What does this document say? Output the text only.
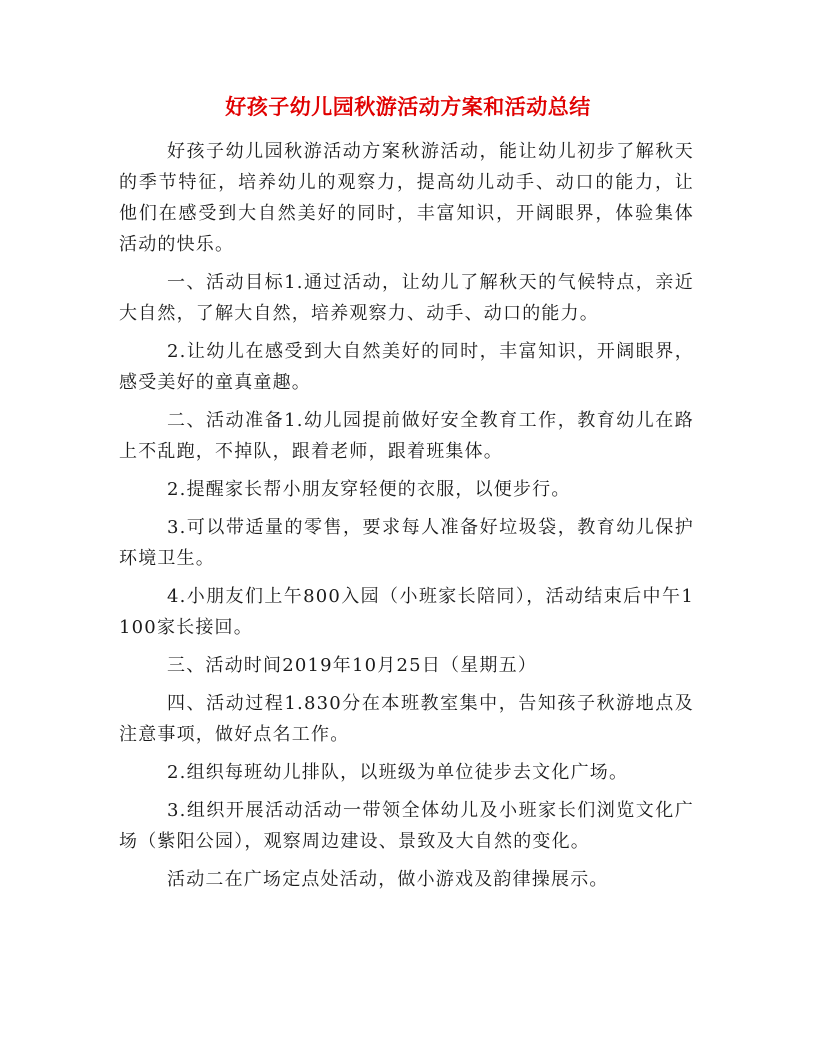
好孩子幼儿园秋游活动方案和活动总结

好孩子幼儿园秋游活动方案秋游活动，能让幼儿初步了解秋天的季节特征，培养幼儿的观察力，提高幼儿动手、动口的能力，让他们在感受到大自然美好的同时，丰富知识，开阔眼界，体验集体活动的快乐。

一、活动目标1.通过活动，让幼儿了解秋天的气候特点，亲近大自然，了解大自然，培养观察力、动手、动口的能力。

2.让幼儿在感受到大自然美好的同时，丰富知识，开阔眼界，感受美好的童真童趣。

二、活动准备1.幼儿园提前做好安全教育工作，教育幼儿在路上不乱跑，不掉队，跟着老师，跟着班集体。

2.提醒家长帮小朋友穿轻便的衣服，以便步行。

3.可以带适量的零售，要求每人准备好垃圾袋，教育幼儿保护环境卫生。

4.小朋友们上午800入园（小班家长陪同），活动结束后中午1100家长接回。

三、活动时间2019年10月25日（星期五）

四、活动过程1.830分在本班教室集中，告知孩子秋游地点及注意事项，做好点名工作。

2.组织每班幼儿排队，以班级为单位徒步去文化广场。

3.组织开展活动活动一带领全体幼儿及小班家长们浏览文化广场（紫阳公园），观察周边建设、景致及大自然的变化。

活动二在广场定点处活动，做小游戏及韵律操展示。
